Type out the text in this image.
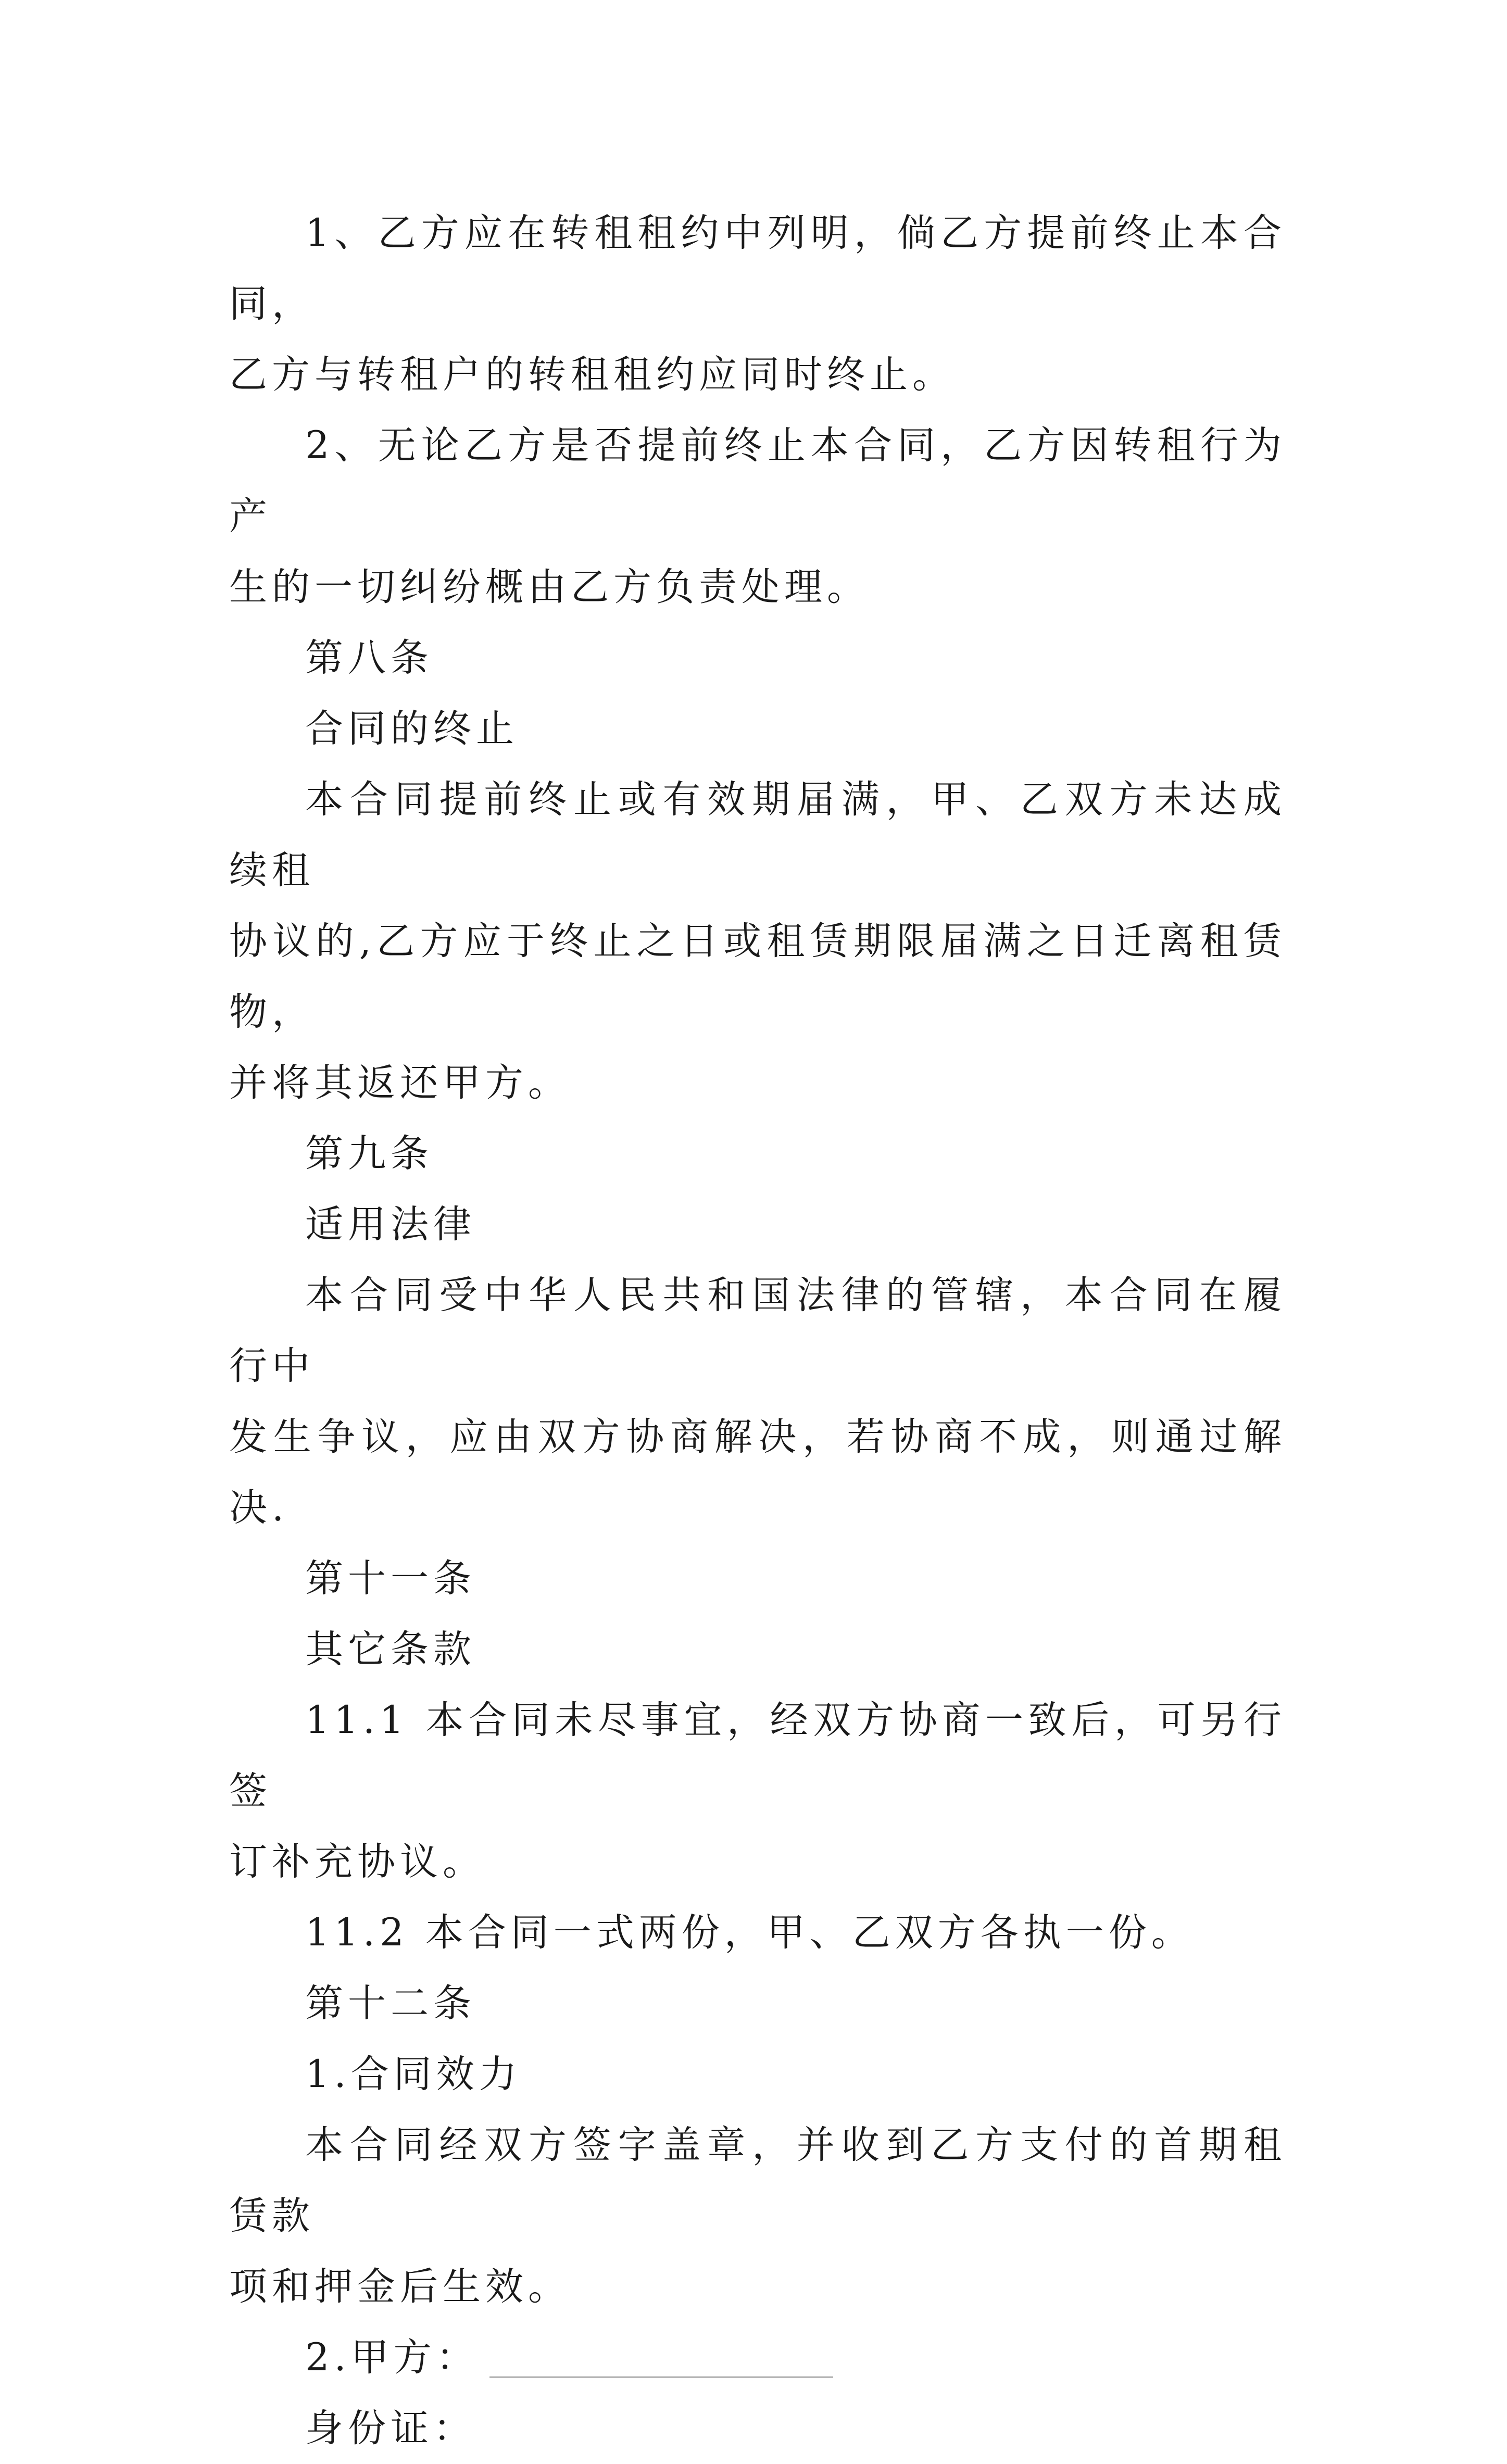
1、乙方应在转租租约中列明，倘乙方提前终止本合同，
乙方与转租户的转租租约应同时终止。

2、无论乙方是否提前终止本合同，乙方因转租行为产
生的一切纠纷概由乙方负责处理。

第八条

合同的终止

本合同提前终止或有效期届满，甲、乙双方未达成续租
协议的,乙方应于终止之日或租赁期限届满之日迁离租赁物，
并将其返还甲方。

第九条

适用法律

本合同受中华人民共和国法律的管辖，本合同在履行中
发生争议，应由双方协商解决，若协商不成，则通过解决.

第十一条

其它条款

11.1 本合同未尽事宜，经双方协商一致后，可另行签
订补充协议。

11.2 本合同一式两份，甲、乙双方各执一份。

第十二条

1.合同效力

本合同经双方签字盖章，并收到乙方支付的首期租赁款
项和押金后生效。

2.甲方：

身份证：
